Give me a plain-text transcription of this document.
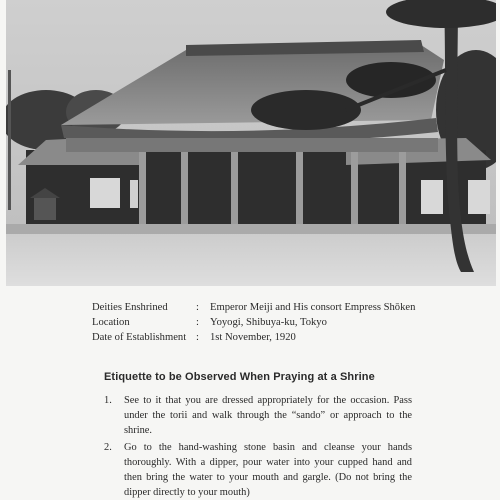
Deities Enshrined	:	Emperor Meiji and His consort Empress Shōken
Location	:	Yoyogi, Shibuya-ku, Tokyo
Date of Establishment :	1st November, 1920
Etiquette to be Observed When Praying at a Shrine
1.	See to it that you are dressed appropriately for the occasion. Pass under the torii and walk through the “sando” or approach to the shrine.
2.	Go to the hand-washing stone basin and cleanse your hands thoroughly. With a dipper, pour water into your cupped hand and then bring the water to your mouth and gargle. (Do not bring the dipper directly to your mouth)
